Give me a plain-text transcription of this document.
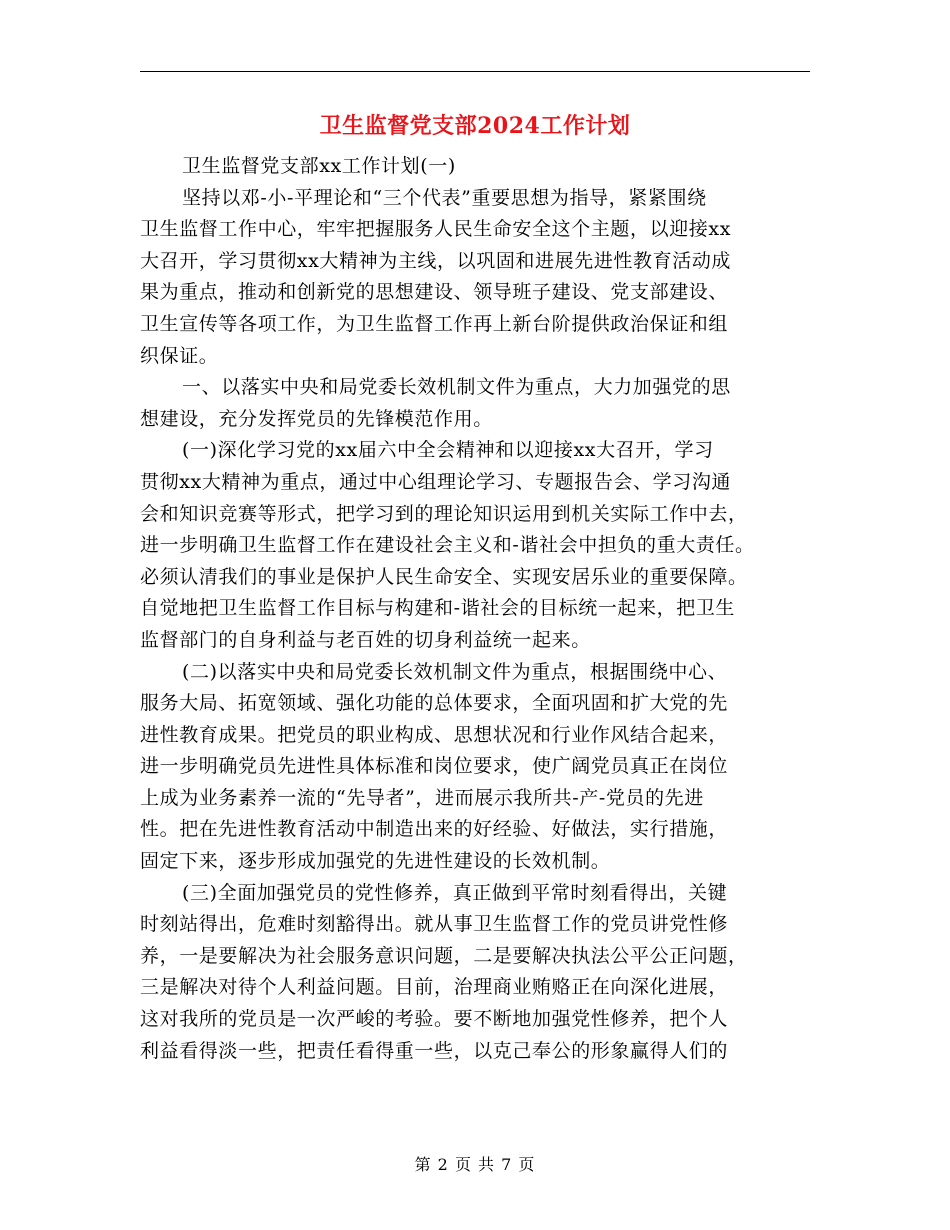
卫生监督党支部2024工作计划

卫生监督党支部xx工作计划(一)

坚持以邓-小-平理论和“三个代表”重要思想为指导，紧紧围绕
卫生监督工作中心，牢牢把握服务人民生命安全这个主题，以迎接xx
大召开，学习贯彻xx大精神为主线，以巩固和进展先进性教育活动成
果为重点，推动和创新党的思想建设、领导班子建设、党支部建设、
卫生宣传等各项工作，为卫生监督工作再上新台阶提供政治保证和组
织保证。

一、以落实中央和局党委长效机制文件为重点，大力加强党的思
想建设，充分发挥党员的先锋模范作用。

(一)深化学习党的xx届六中全会精神和以迎接xx大召开，学习
贯彻xx大精神为重点，通过中心组理论学习、专题报告会、学习沟通
会和知识竞赛等形式，把学习到的理论知识运用到机关实际工作中去，
进一步明确卫生监督工作在建设社会主义和-谐社会中担负的重大责任。
必须认清我们的事业是保护人民生命安全、实现安居乐业的重要保障。
自觉地把卫生监督工作目标与构建和-谐社会的目标统一起来，把卫生
监督部门的自身利益与老百姓的切身利益统一起来。

(二)以落实中央和局党委长效机制文件为重点，根据围绕中心、
服务大局、拓宽领域、强化功能的总体要求，全面巩固和扩大党的先
进性教育成果。把党员的职业构成、思想状况和行业作风结合起来，
进一步明确党员先进性具体标准和岗位要求，使广阔党员真正在岗位
上成为业务素养一流的“先导者”，进而展示我所共-产-党员的先进
性。把在先进性教育活动中制造出来的好经验、好做法，实行措施，
固定下来，逐步形成加强党的先进性建设的长效机制。

(三)全面加强党员的党性修养，真正做到平常时刻看得出，关键
时刻站得出，危难时刻豁得出。就从事卫生监督工作的党员讲党性修
养，一是要解决为社会服务意识问题，二是要解决执法公平公正问题，
三是解决对待个人利益问题。目前，治理商业贿赂正在向深化进展，
这对我所的党员是一次严峻的考验。要不断地加强党性修养，把个人
利益看得淡一些，把责任看得重一些，以克己奉公的形象赢得人们的

第 2 页 共 7 页
